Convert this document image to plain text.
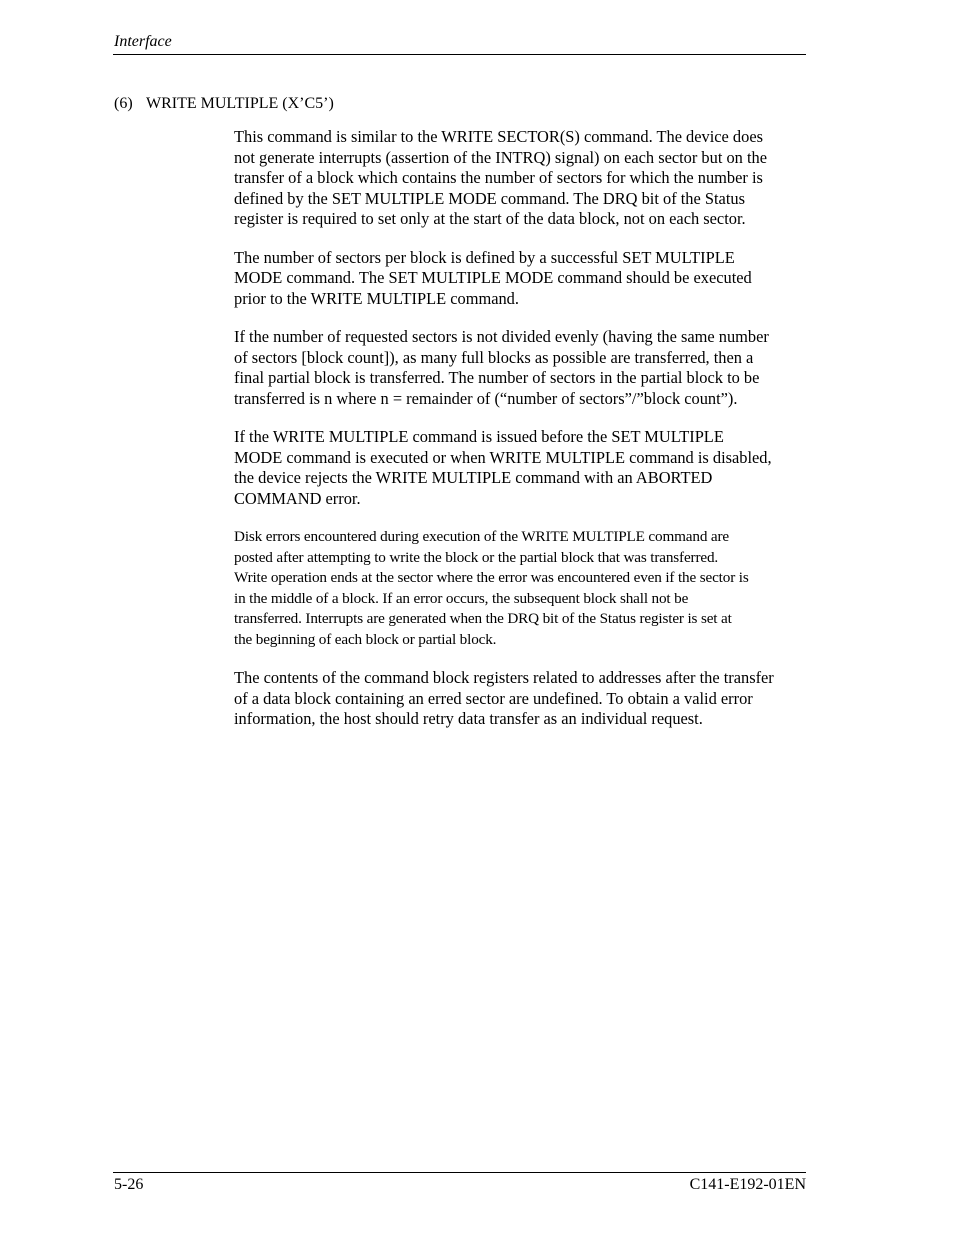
Interface
(6) WRITE MULTIPLE (X’C5’)

This command is similar to the WRITE SECTOR(S) command. The device does
not generate interrupts (assertion of the INTRQ) signal) on each sector but on the
transfer of a block which contains the number of sectors for which the number is
defined by the SET MULTIPLE MODE command. The DRQ bit of the Status
register is required to set only at the start of the data block, not on each sector.

The number of sectors per block is defined by a successful SET MULTIPLE
MODE command. The SET MULTIPLE MODE command should be executed
prior to the WRITE MULTIPLE command.

If the number of requested sectors is not divided evenly (having the same number
of sectors [block count]), as many full blocks as possible are transferred, then a
final partial block is transferred. The number of sectors in the partial block to be
transferred is n where n = remainder of (“number of sectors”/”block count”).

If the WRITE MULTIPLE command is issued before the SET MULTIPLE
MODE command is executed or when WRITE MULTIPLE command is disabled,
the device rejects the WRITE MULTIPLE command with an ABORTED
COMMAND error.

Disk errors encountered during execution of the WRITE MULTIPLE command are
posted after attempting to write the block or the partial block that was transferred.
Write operation ends at the sector where the error was encountered even if the sector is
in the middle of a block. If an error occurs, the subsequent block shall not be
transferred. Interrupts are generated when the DRQ bit of the Status register is set at
the beginning of each block or partial block.

The contents of the command block registers related to addresses after the transfer
of a data block containing an erred sector are undefined. To obtain a valid error
information, the host should retry data transfer as an individual request.

5-26	C141-E192-01EN
